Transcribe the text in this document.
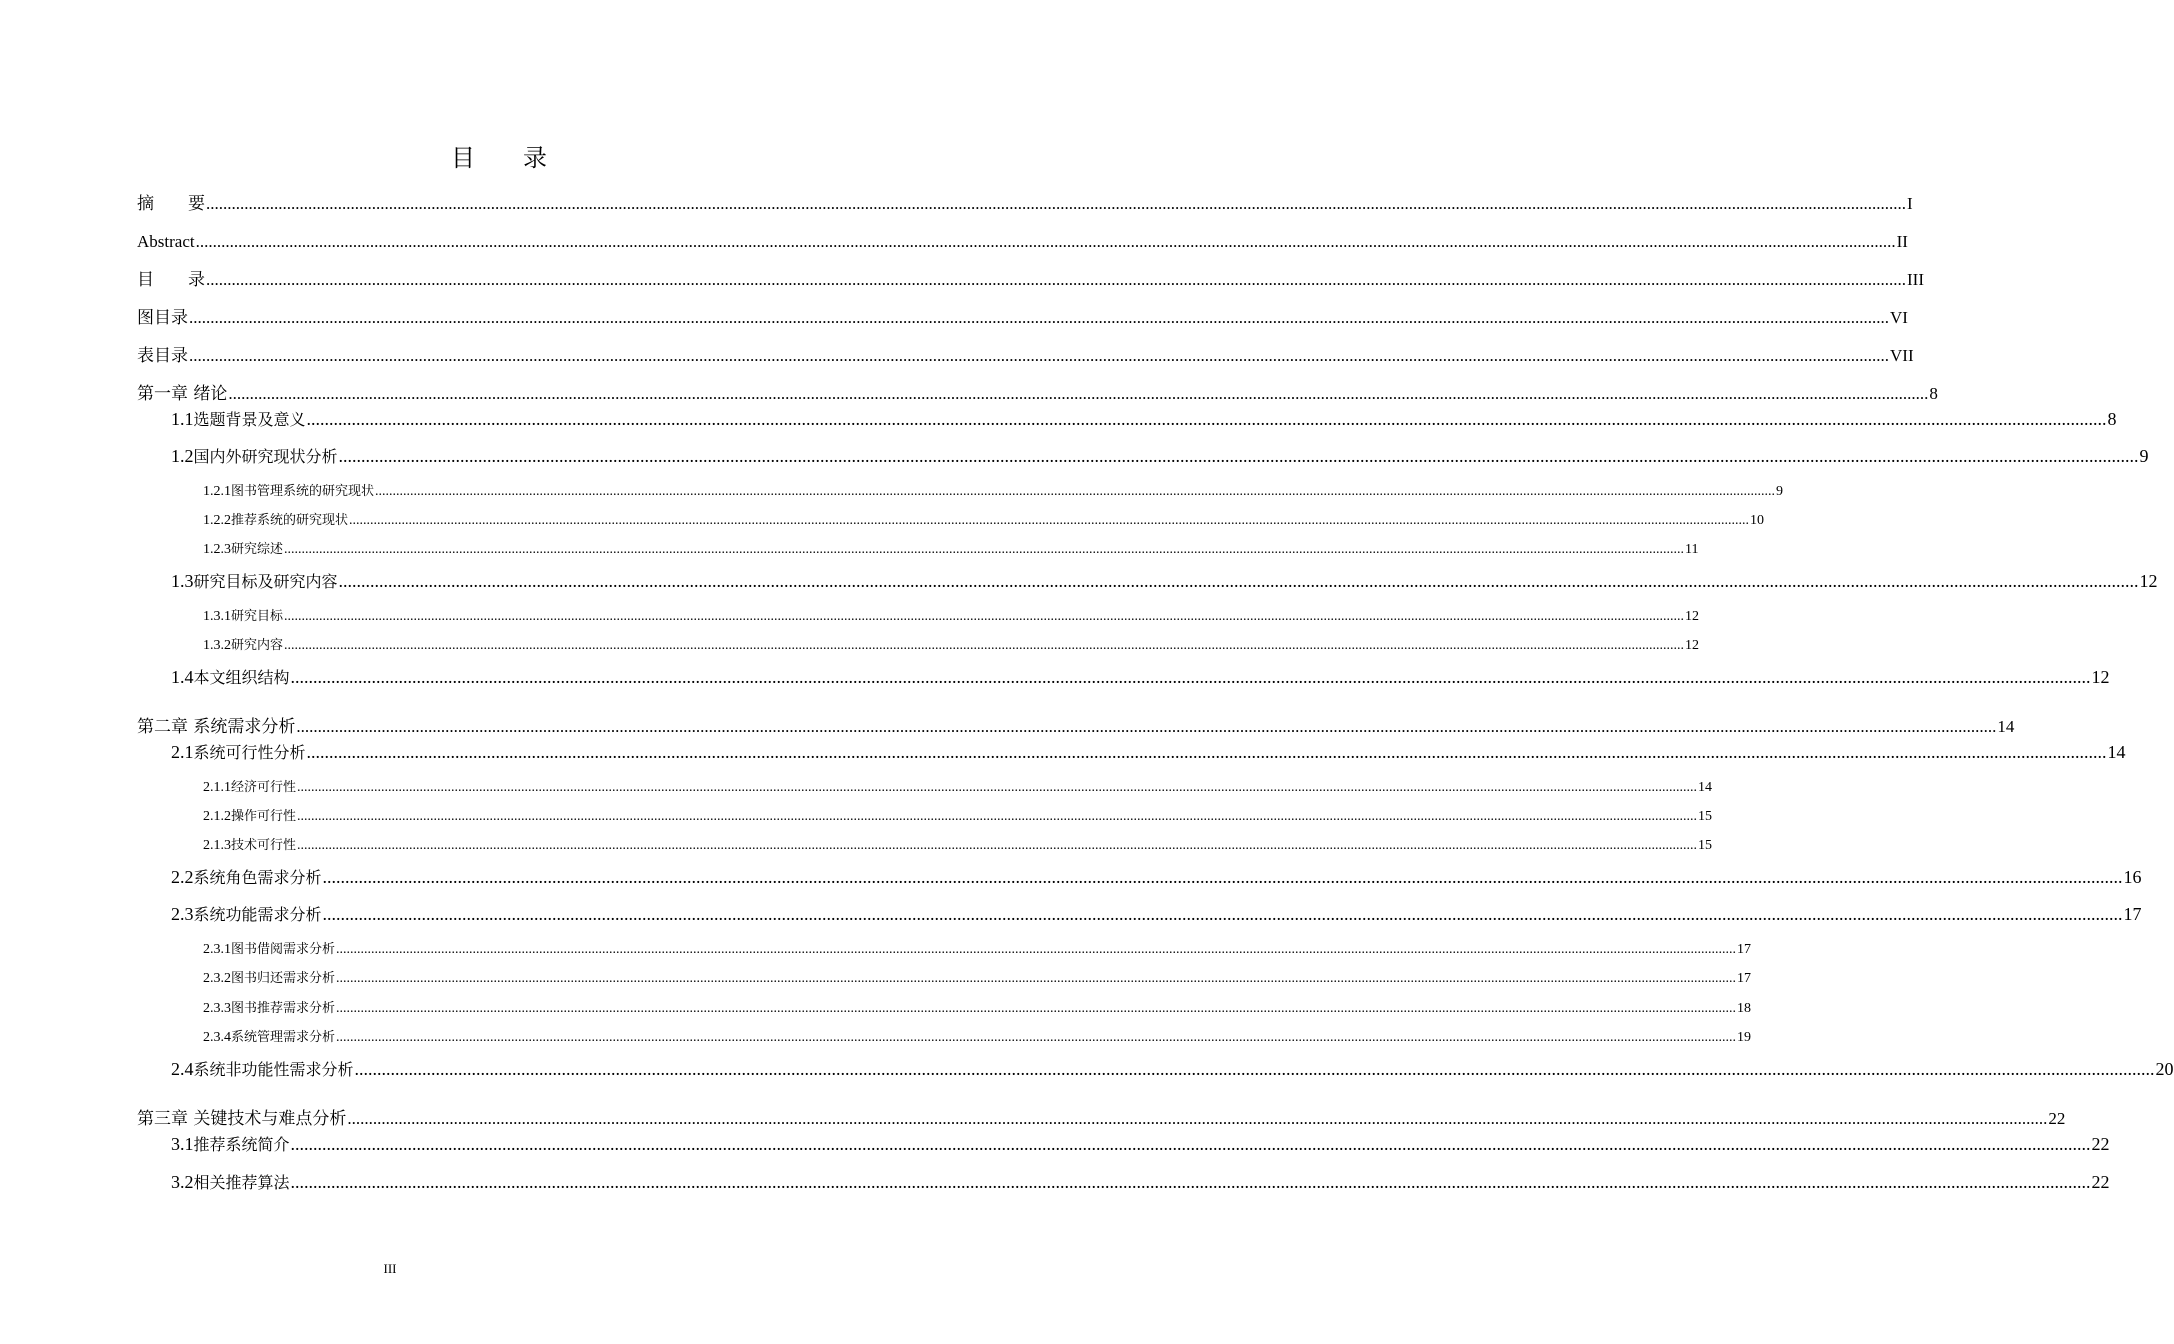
目 录
摘　　要 ................................................................................................................................................................................................................................................................................................................................................................................................................ I
Abstract ................................................................................................................................................................................................................................................................................................................................................................................................................ II
目　　录 ................................................................................................................................................................................................................................................................................................................................................................................................................ III
图目录 ................................................................................................................................................................................................................................................................................................................................................................................................................ VI
表目录 ................................................................................................................................................................................................................................................................................................................................................................................................................ VII
第一章 绪论 ................................................................................................................................................................................................................................................................................................................................................................................................................ 8
1.1 选题背景及意义 ................................................................................................................................................................................................................................................................................................................................................................................................................ 8
1.2 国内外研究现状分析 ................................................................................................................................................................................................................................................................................................................................................................................................................ 9
1.2.1 图书管理系统的研究现状 ................................................................................................................................................................................................................................................................................................................................................................................................................ 9
1.2.2 推荐系统的研究现状 ................................................................................................................................................................................................................................................................................................................................................................................................................ 10
1.2.3 研究综述 ................................................................................................................................................................................................................................................................................................................................................................................................................ 11
1.3 研究目标及研究内容 ................................................................................................................................................................................................................................................................................................................................................................................................................ 12
1.3.1 研究目标 ................................................................................................................................................................................................................................................................................................................................................................................................................ 12
1.3.2 研究内容 ................................................................................................................................................................................................................................................................................................................................................................................................................ 12
1.4 本文组织结构 ................................................................................................................................................................................................................................................................................................................................................................................................................ 12
第二章 系统需求分析 ................................................................................................................................................................................................................................................................................................................................................................................................................ 14
2.1 系统可行性分析 ................................................................................................................................................................................................................................................................................................................................................................................................................ 14
2.1.1 经济可行性 ................................................................................................................................................................................................................................................................................................................................................................................................................ 14
2.1.2 操作可行性 ................................................................................................................................................................................................................................................................................................................................................................................................................ 15
2.1.3 技术可行性 ................................................................................................................................................................................................................................................................................................................................................................................................................ 15
2.2 系统角色需求分析 ................................................................................................................................................................................................................................................................................................................................................................................................................ 16
2.3 系统功能需求分析 ................................................................................................................................................................................................................................................................................................................................................................................................................ 17
2.3.1 图书借阅需求分析 ................................................................................................................................................................................................................................................................................................................................................................................................................ 17
2.3.2 图书归还需求分析 ................................................................................................................................................................................................................................................................................................................................................................................................................ 17
2.3.3 图书推荐需求分析 ................................................................................................................................................................................................................................................................................................................................................................................................................ 18
2.3.4 系统管理需求分析 ................................................................................................................................................................................................................................................................................................................................................................................................................ 19
2.4 系统非功能性需求分析 ................................................................................................................................................................................................................................................................................................................................................................................................................ 20
第三章 关键技术与难点分析 ................................................................................................................................................................................................................................................................................................................................................................................................................ 22
3.1 推荐系统简介 ................................................................................................................................................................................................................................................................................................................................................................................................................ 22
3.2 相关推荐算法 ................................................................................................................................................................................................................................................................................................................................................................................................................ 22
III
